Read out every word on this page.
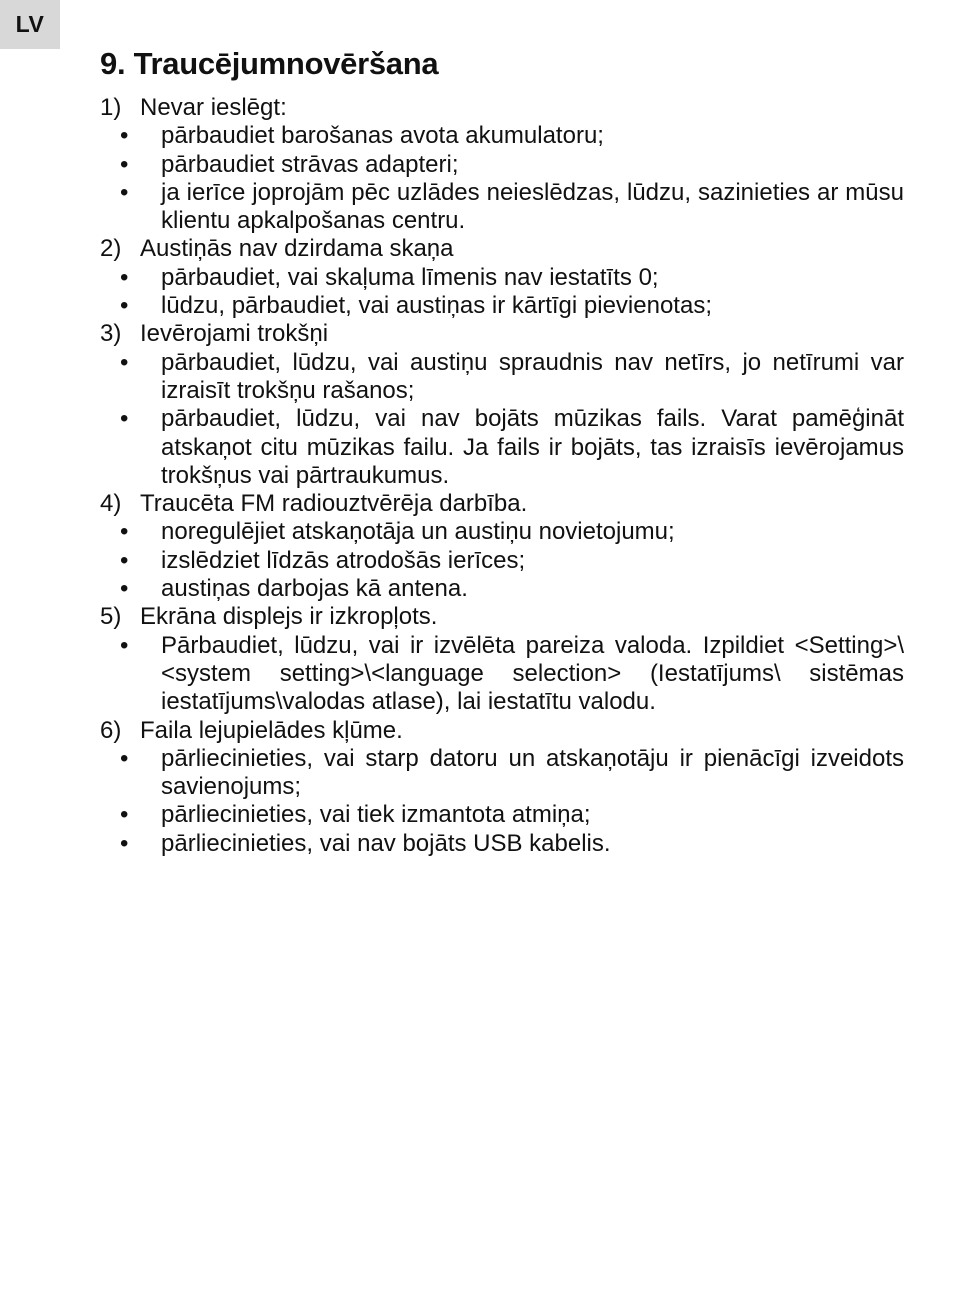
LV
9. Traucējumnovēršana
1) Nevar ieslēgt:
•	pārbaudiet barošanas avota akumulatoru;
•	pārbaudiet strāvas adapteri;
•	ja ierīce joprojām pēc uzlādes neieslēdzas, lūdzu, sazinieties ar mūsu klientu apkalpošanas centru.
2) Austiņās nav dzirdama skaņa
•	pārbaudiet, vai skaļuma līmenis nav iestatīts 0;
•	lūdzu, pārbaudiet, vai austiņas ir kārtīgi pievienotas;
3) Ievērojami trokšņi
•	pārbaudiet, lūdzu, vai austiņu spraudnis nav netīrs, jo netīrumi var izraisīt trokšņu rašanos;
•	pārbaudiet, lūdzu, vai nav bojāts mūzikas fails. Varat pamēģināt atskaņot citu mūzikas failu. Ja fails ir bojāts, tas izraisīs ievērojamus trokšņus vai pārtraukumus.
4) Traucēta FM radiouztvērēja darbība.
•	noregulējiet atskaņotāja un austiņu novietojumu;
•	izslēdziet līdzās atrodošās ierīces;
•	austiņas darbojas kā antena.
5) Ekrāna displejs ir izkropļots.
•	Pārbaudiet, lūdzu, vai ir izvēlēta pareiza valoda. Izpildiet <Setting>\<system setting>\<language selection> (Iestatījums\ sistēmas iestatījums\valodas atlase), lai iestatītu valodu.
6) Faila lejupielādes kļūme.
•	pārliecinieties, vai starp datoru un atskaņotāju ir pienācīgi izveidots savienojums;
•	pārliecinieties, vai tiek izmantota atmiņa;
•	pārliecinieties, vai nav bojāts USB kabelis.
